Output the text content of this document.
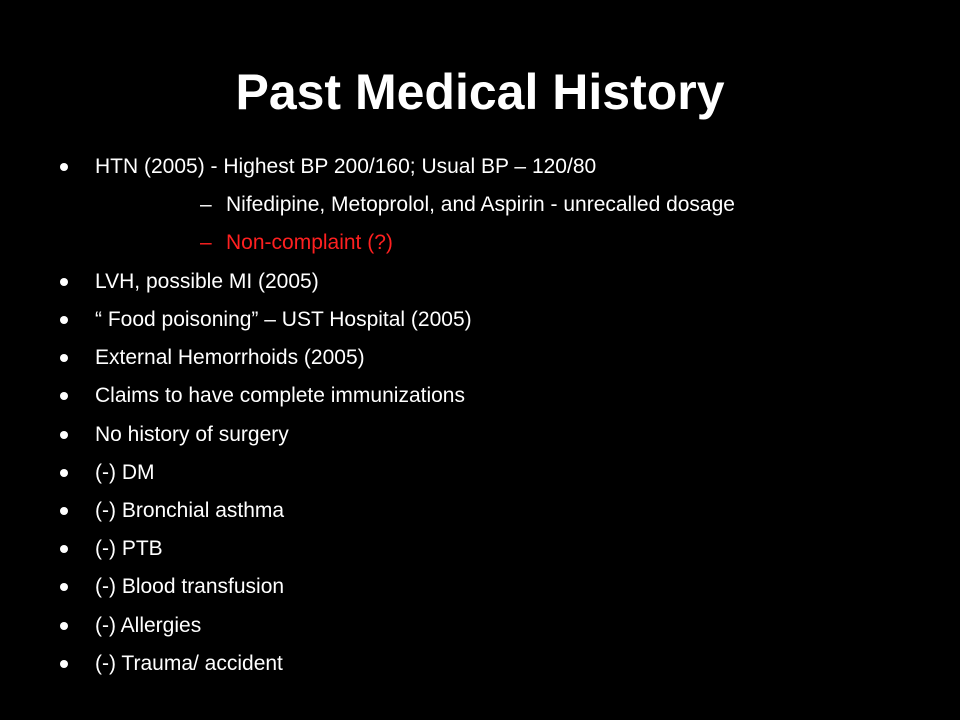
Past Medical History
HTN (2005) - Highest BP 200/160; Usual BP – 120/80
– Nifedipine, Metoprolol, and Aspirin - unrecalled dosage
– Non-complaint (?)
LVH, possible MI (2005)
“ Food poisoning” – UST Hospital (2005)
External Hemorrhoids (2005)
Claims to have complete immunizations
No history of surgery
(-) DM
(-) Bronchial asthma
(-) PTB
(-) Blood transfusion
(-) Allergies
(-) Trauma/ accident
